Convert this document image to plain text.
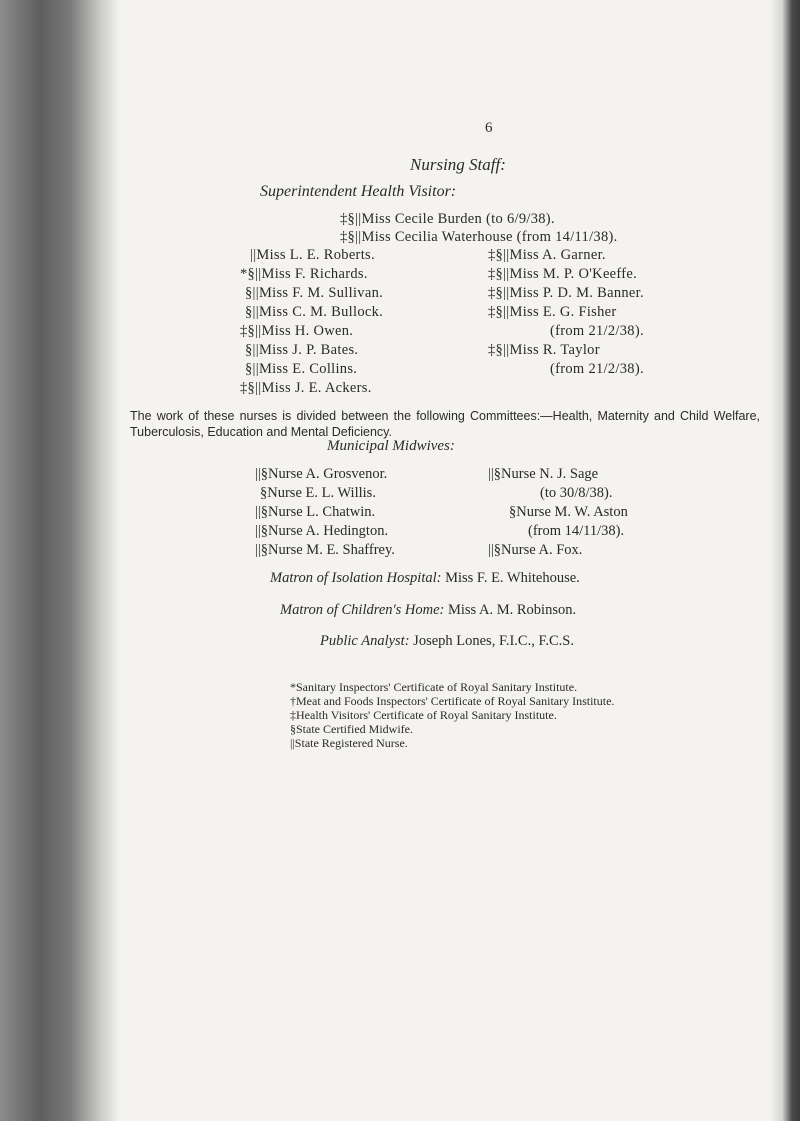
6
Nursing Staff:
Superintendent Health Visitor:
‡§||Miss Cecile Burden (to 6/9/38).
‡§||Miss Cecilia Waterhouse (from 14/11/38).
||Miss L. E. Roberts.
*§||Miss F. Richards.
§||Miss F. M. Sullivan.
§||Miss C. M. Bullock.
‡§||Miss H. Owen.
§||Miss J. P. Bates.
§||Miss E. Collins.
‡§||Miss J. E. Ackers.
‡§||Miss A. Garner.
‡§||Miss M. P. O'Keeffe.
‡§||Miss P. D. M. Banner.
‡§||Miss E. G. Fisher
(from 21/2/38).
‡§||Miss R. Taylor
(from 21/2/38).
The work of these nurses is divided between the following Committees:—Health, Maternity and Child Welfare, Tuberculosis, Education and Mental Deficiency.
Municipal Midwives:
||§Nurse A. Grosvenor.
§Nurse E. L. Willis.
||§Nurse L. Chatwin.
||§Nurse A. Hedington.
||§Nurse M. E. Shaffrey.
||§Nurse N. J. Sage
(to 30/8/38).
§Nurse M. W. Aston
(from 14/11/38).
||§Nurse A. Fox.
Matron of Isolation Hospital: Miss F. E. Whitehouse.
Matron of Children's Home: Miss A. M. Robinson.
Public Analyst: Joseph Lones, F.I.C., F.C.S.
*Sanitary Inspectors' Certificate of Royal Sanitary Institute.
†Meat and Foods Inspectors' Certificate of Royal Sanitary Institute.
‡Health Visitors' Certificate of Royal Sanitary Institute.
§State Certified Midwife.
||State Registered Nurse.
